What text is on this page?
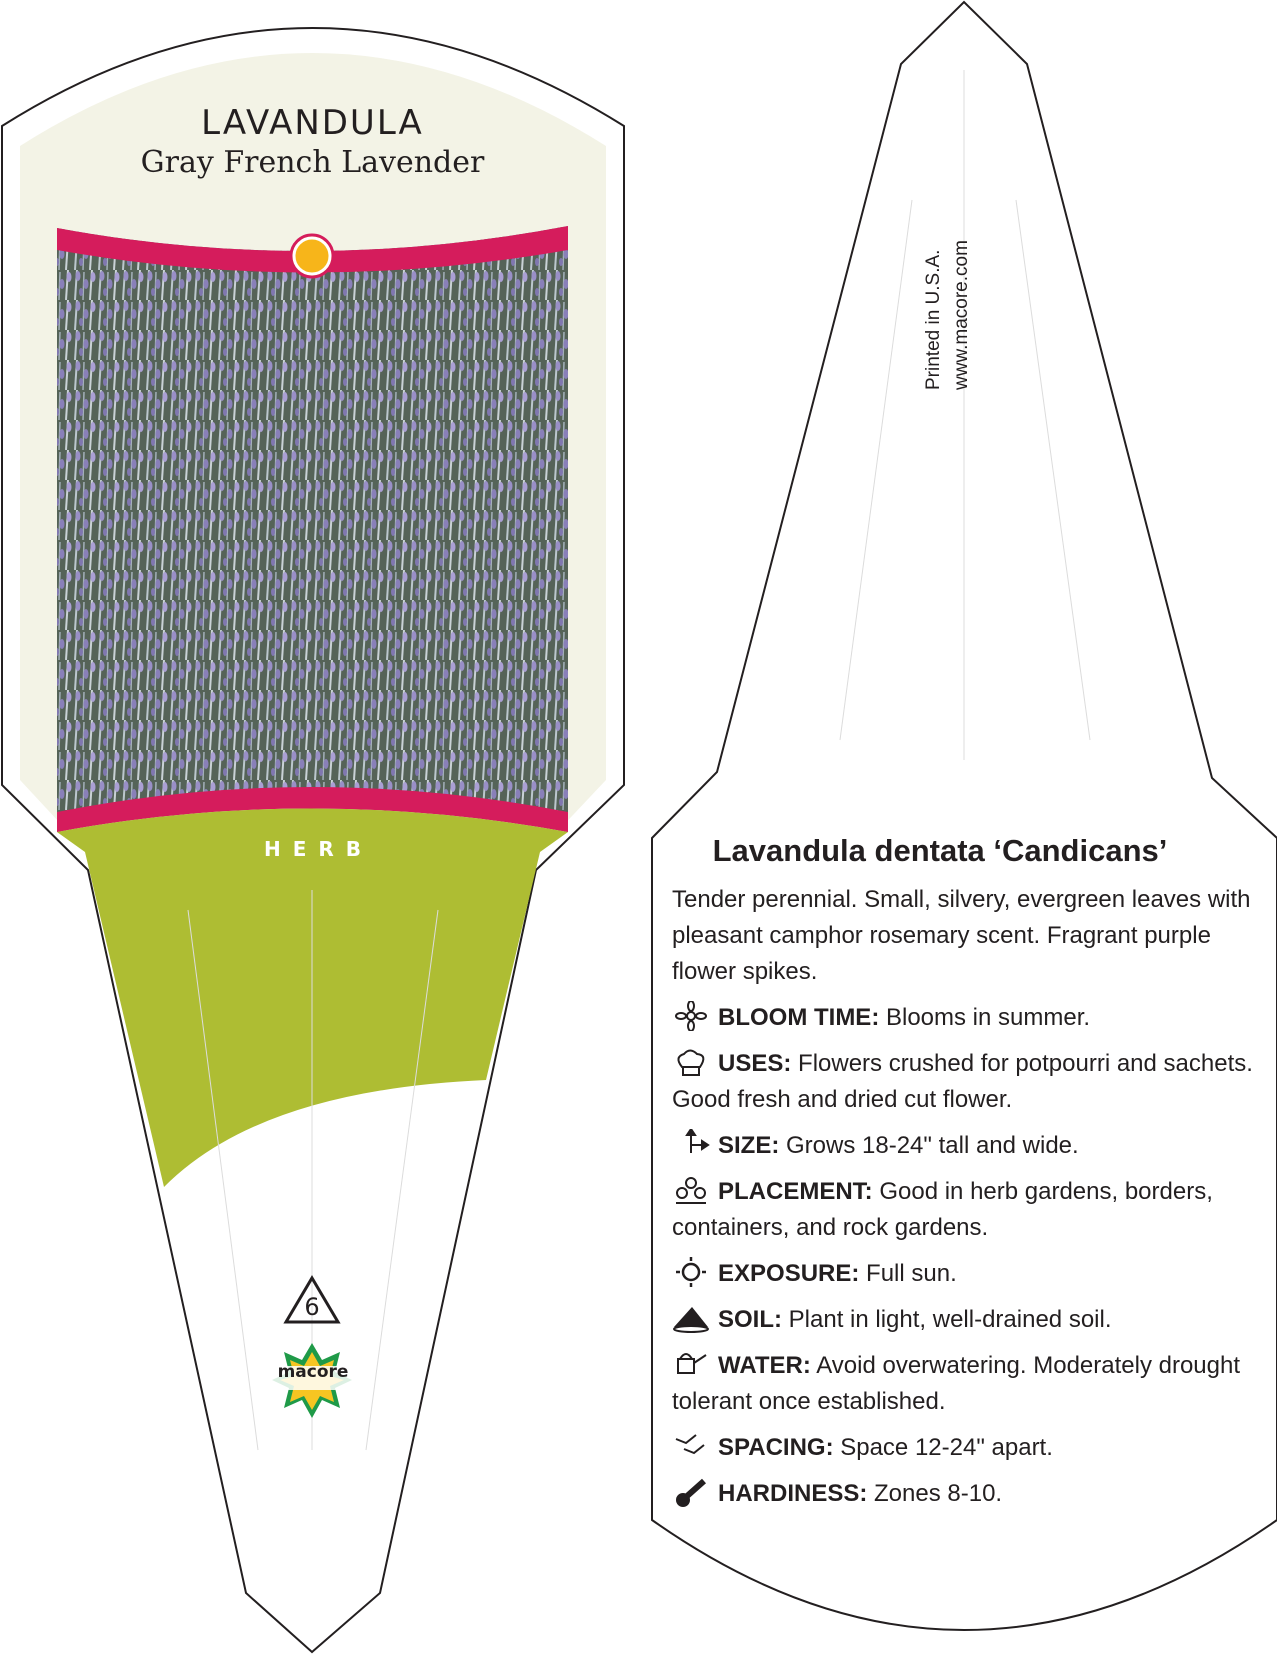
LAVANDULA
Gray French Lavender
HERB
6
macore
Printed in U.S.A. www.macore.com
Lavandula dentata ‘Candicans’

Tender perennial. Small, silvery, evergreen leaves with pleasant camphor rosemary scent. Fragrant purple flower spikes.

BLOOM TIME: Blooms in summer.
USES: Flowers crushed for potpourri and sachets. Good fresh and dried cut flower.
SIZE: Grows 18-24" tall and wide.
PLACEMENT: Good in herb gardens, borders, containers, and rock gardens.
EXPOSURE: Full sun.
SOIL: Plant in light, well-drained soil.
WATER: Avoid overwatering. Moderately drought tolerant once established.
SPACING: Space 12-24" apart.
HARDINESS: Zones 8-10.
